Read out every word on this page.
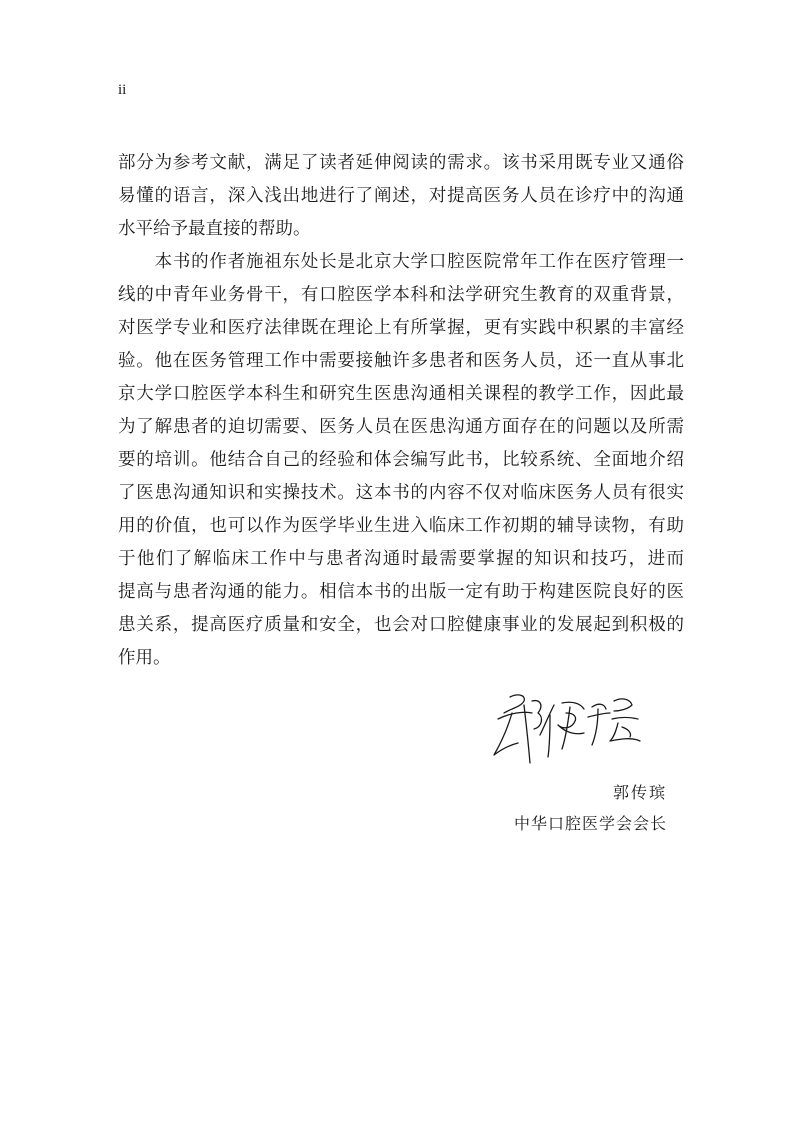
ii
部分为参考文献，满足了读者延伸阅读的需求。该书采用既专业又通俗
易懂的语言，深入浅出地进行了阐述，对提高医务人员在诊疗中的沟通
水平给予最直接的帮助。
　　本书的作者施祖东处长是北京大学口腔医院常年工作在医疗管理一
线的中青年业务骨干，有口腔医学本科和法学研究生教育的双重背景，
对医学专业和医疗法律既在理论上有所掌握，更有实践中积累的丰富经
验。他在医务管理工作中需要接触许多患者和医务人员，还一直从事北
京大学口腔医学本科生和研究生医患沟通相关课程的教学工作，因此最
为了解患者的迫切需要、医务人员在医患沟通方面存在的问题以及所需
要的培训。他结合自己的经验和体会编写此书，比较系统、全面地介绍
了医患沟通知识和实操技术。这本书的内容不仅对临床医务人员有很实
用的价值，也可以作为医学毕业生进入临床工作初期的辅导读物，有助
于他们了解临床工作中与患者沟通时最需要掌握的知识和技巧，进而
提高与患者沟通的能力。相信本书的出版一定有助于构建医院良好的医
患关系，提高医疗质量和安全，也会对口腔健康事业的发展起到积极的
作用。
郭传瑸
中华口腔医学会会长
